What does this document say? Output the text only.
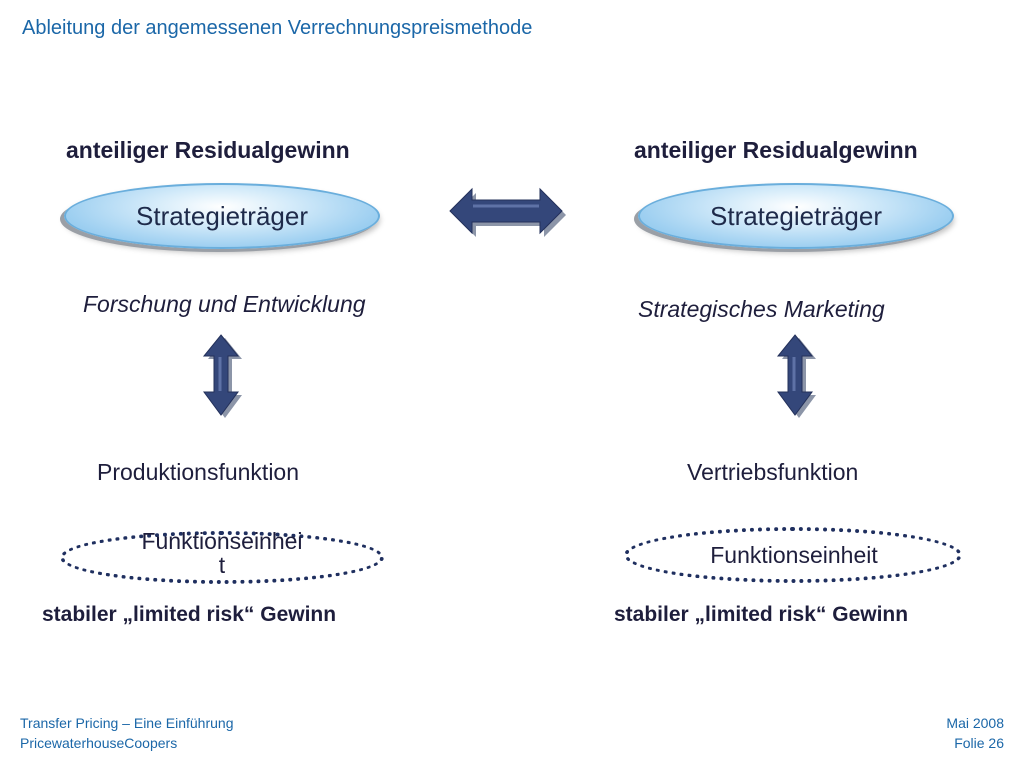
Ableitung der angemessenen Verrechnungspreismethode
anteiliger Residualgewinn
Strategieträger
Forschung und Entwicklung
Produktionsfunktion
Funktionseinhei
t
stabiler „limited risk“ Gewinn
anteiliger Residualgewinn
Strategieträger
Strategisches Marketing
Vertriebsfunktion
Funktionseinheit
stabiler „limited risk“ Gewinn
Transfer Pricing – Eine Einführung
PricewaterhouseCoopers
Mai 2008
Folie 26
